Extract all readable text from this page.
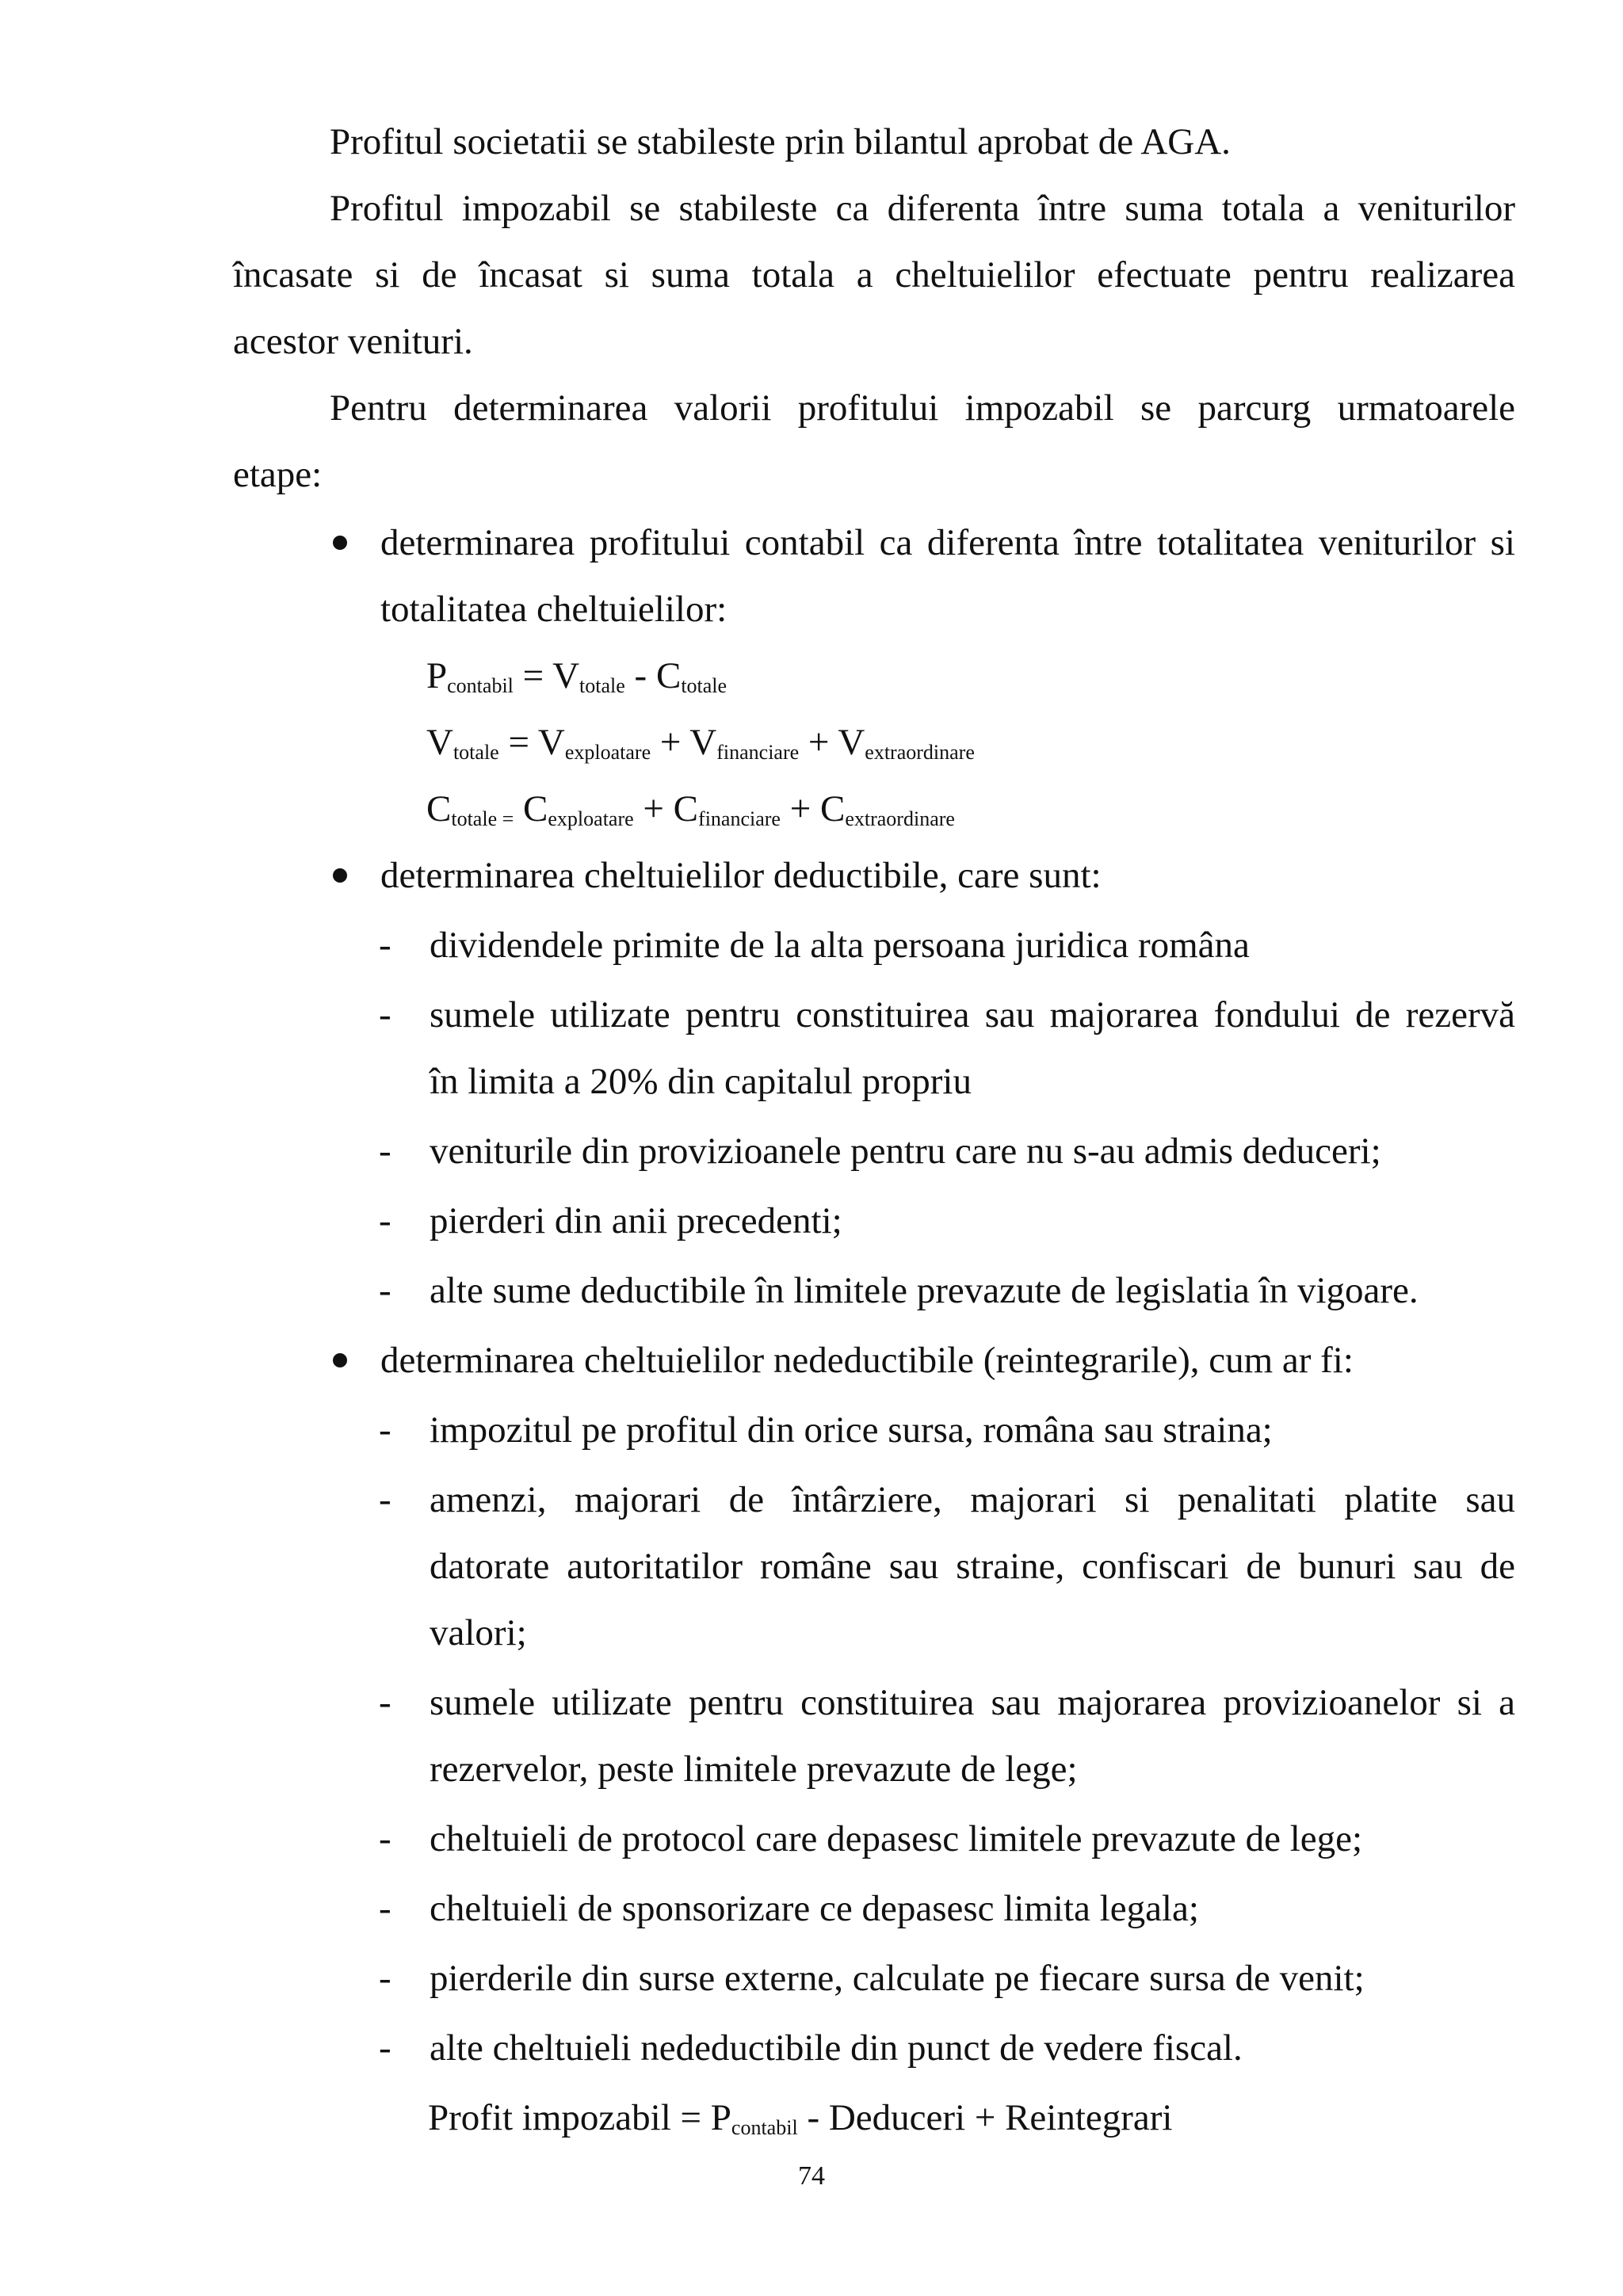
Profitul societatii se stabileste prin bilantul aprobat de AGA.
Profitul impozabil se stabileste ca diferenta între suma totala a veniturilor
încasate si de încasat si suma totala a cheltuielilor efectuate pentru realizarea
acestor venituri.
Pentru determinarea valorii profitului impozabil se parcurg urmatoarele
etape:
determinarea profitului contabil ca diferenta între totalitatea veniturilor si
totalitatea cheltuielilor:
$P_{contabil} = V_{totale} - C_{totale}$
$V_{totale} = V_{exploatare} + V_{financiare} + V_{extraordinare}$
$C_{totale =}$ $C_{exploatare} + C_{financiare} + C_{extraordinare}$
determinarea cheltuielilor deductibile, care sunt:
- dividendele primite de la alta persoana juridica româna
- sumele utilizate pentru constituirea sau majorarea fondului de rezervă
în limita a 20% din capitalul propriu
- veniturile din provizioanele pentru care nu s-au admis deduceri;
- pierderi din anii precedenti;
- alte sume deductibile în limitele prevazute de legislatia în vigoare.
determinarea cheltuielilor nedeductibile (reintegrarile), cum ar fi:
- impozitul pe profitul din orice sursa, româna sau straina;
- amenzi, majorari de întârziere, majorari si penalitati platite sau
datorate autoritatilor române sau straine, confiscari de bunuri sau de
valori;
- sumele utilizate pentru constituirea sau majorarea provizioanelor si a
rezervelor, peste limitele prevazute de lege;
- cheltuieli de protocol care depasesc limitele prevazute de lege;
- cheltuieli de sponsorizare ce depasesc limita legala;
- pierderile din surse externe, calculate pe fiecare sursa de venit;
- alte cheltuieli nedeductibile din punct de vedere fiscal.
Profit impozabil = $P_{contabil}$ - Deduceri + Reintegrari
74
